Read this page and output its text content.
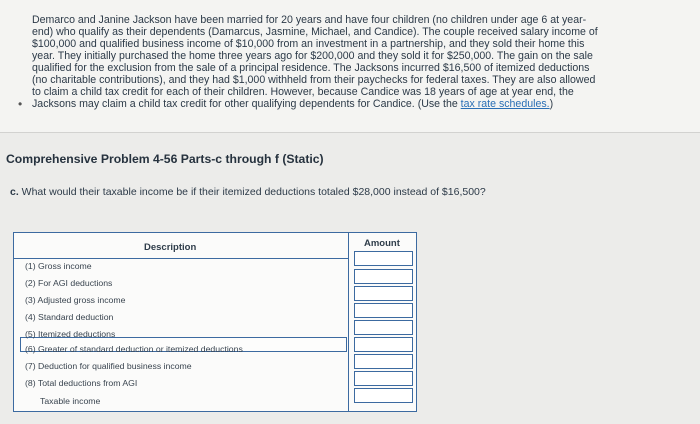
Demarco and Janine Jackson have been married for 20 years and have four children (no children under age 6 at year-
end) who qualify as their dependents (Damarcus, Jasmine, Michael, and Candice). The couple received salary income of
$100,000 and qualified business income of $10,000 from an investment in a partnership, and they sold their home this
year. They initially purchased the home three years ago for $200,000 and they sold it for $250,000. The gain on the sale
qualified for the exclusion from the sale of a principal residence. The Jacksons incurred $16,500 of itemized deductions
(no charitable contributions), and they had $1,000 withheld from their paychecks for federal taxes. They are also allowed
to claim a child tax credit for each of their children. However, because Candice was 18 years of age at year end, the
Jacksons may claim a child tax credit for other qualifying dependents for Candice. (Use the tax rate schedules.)
•
Comprehensive Problem 4-56 Parts-c through f (Static)
c. What would their taxable income be if their itemized deductions totaled $28,000 instead of $16,500?
Description	Amount
(1) Gross income
(2) For AGI deductions
(3) Adjusted gross income
(4) Standard deduction
(5) Itemized deductions
(6) Greater of standard deduction or itemized deductions
(7) Deduction for qualified business income
(8) Total deductions from AGI
Taxable income
